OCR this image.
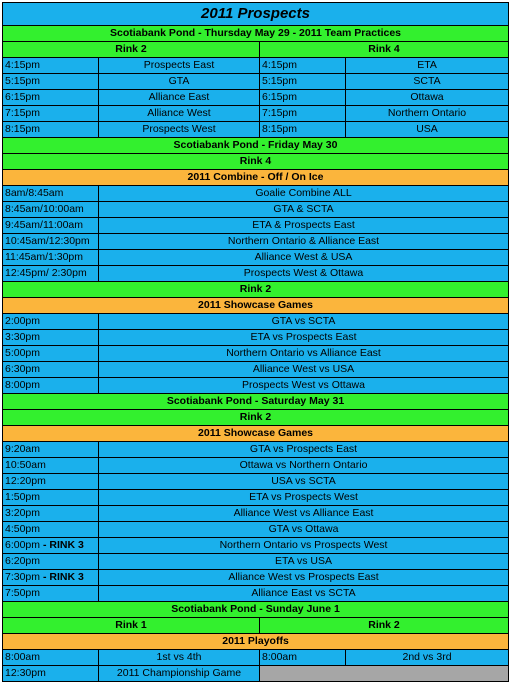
2011 Prospects			
Scotiabank Pond - Thursday May 29 - 2011 Team Practices			
Rink 2		Rink 4	
4:15pm	Prospects East	4:15pm	ETA
5:15pm	GTA	5:15pm	SCTA
6:15pm	Alliance East	6:15pm	Ottawa
7:15pm	Alliance West	7:15pm	Northern Ontario
8:15pm	Prospects West	8:15pm	USA
Scotiabank Pond - Friday May 30			
Rink 4			
2011 Combine - Off / On Ice			
8am/8:45am	Goalie Combine ALL		
8:45am/10:00am	GTA & SCTA		
9:45am/11:00am	ETA & Prospects East		
10:45am/12:30pm	Northern Ontario & Alliance East		
11:45am/1:30pm	Alliance West & USA		
12:45pm/ 2:30pm	Prospects West & Ottawa		
Rink 2			
2011 Showcase Games			
2:00pm	GTA vs SCTA		
3:30pm	ETA vs Prospects East		
5:00pm	Northern Ontario vs Alliance East		
6:30pm	Alliance West vs USA		
8:00pm	Prospects West vs Ottawa		
Scotiabank Pond - Saturday May 31			
Rink 2			
2011 Showcase Games			
9:20am	GTA vs Prospects East		
10:50am	Ottawa vs Northern Ontario		
12:20pm	USA vs SCTA		
1:50pm	ETA vs Prospects West		
3:20pm	Alliance West vs Alliance East		
4:50pm	GTA vs Ottawa		
6:00pm - RINK 3	Northern Ontario vs Prospects West		
6:20pm	ETA vs USA		
7:30pm - RINK 3	Alliance West vs Prospects East		
7:50pm	Alliance East vs SCTA		
Scotiabank Pond - Sunday June 1			
Rink 1		Rink 2	
2011 Playoffs			
8:00am	1st vs 4th	8:00am	2nd vs 3rd
12:30pm	2011 Championship Game		
